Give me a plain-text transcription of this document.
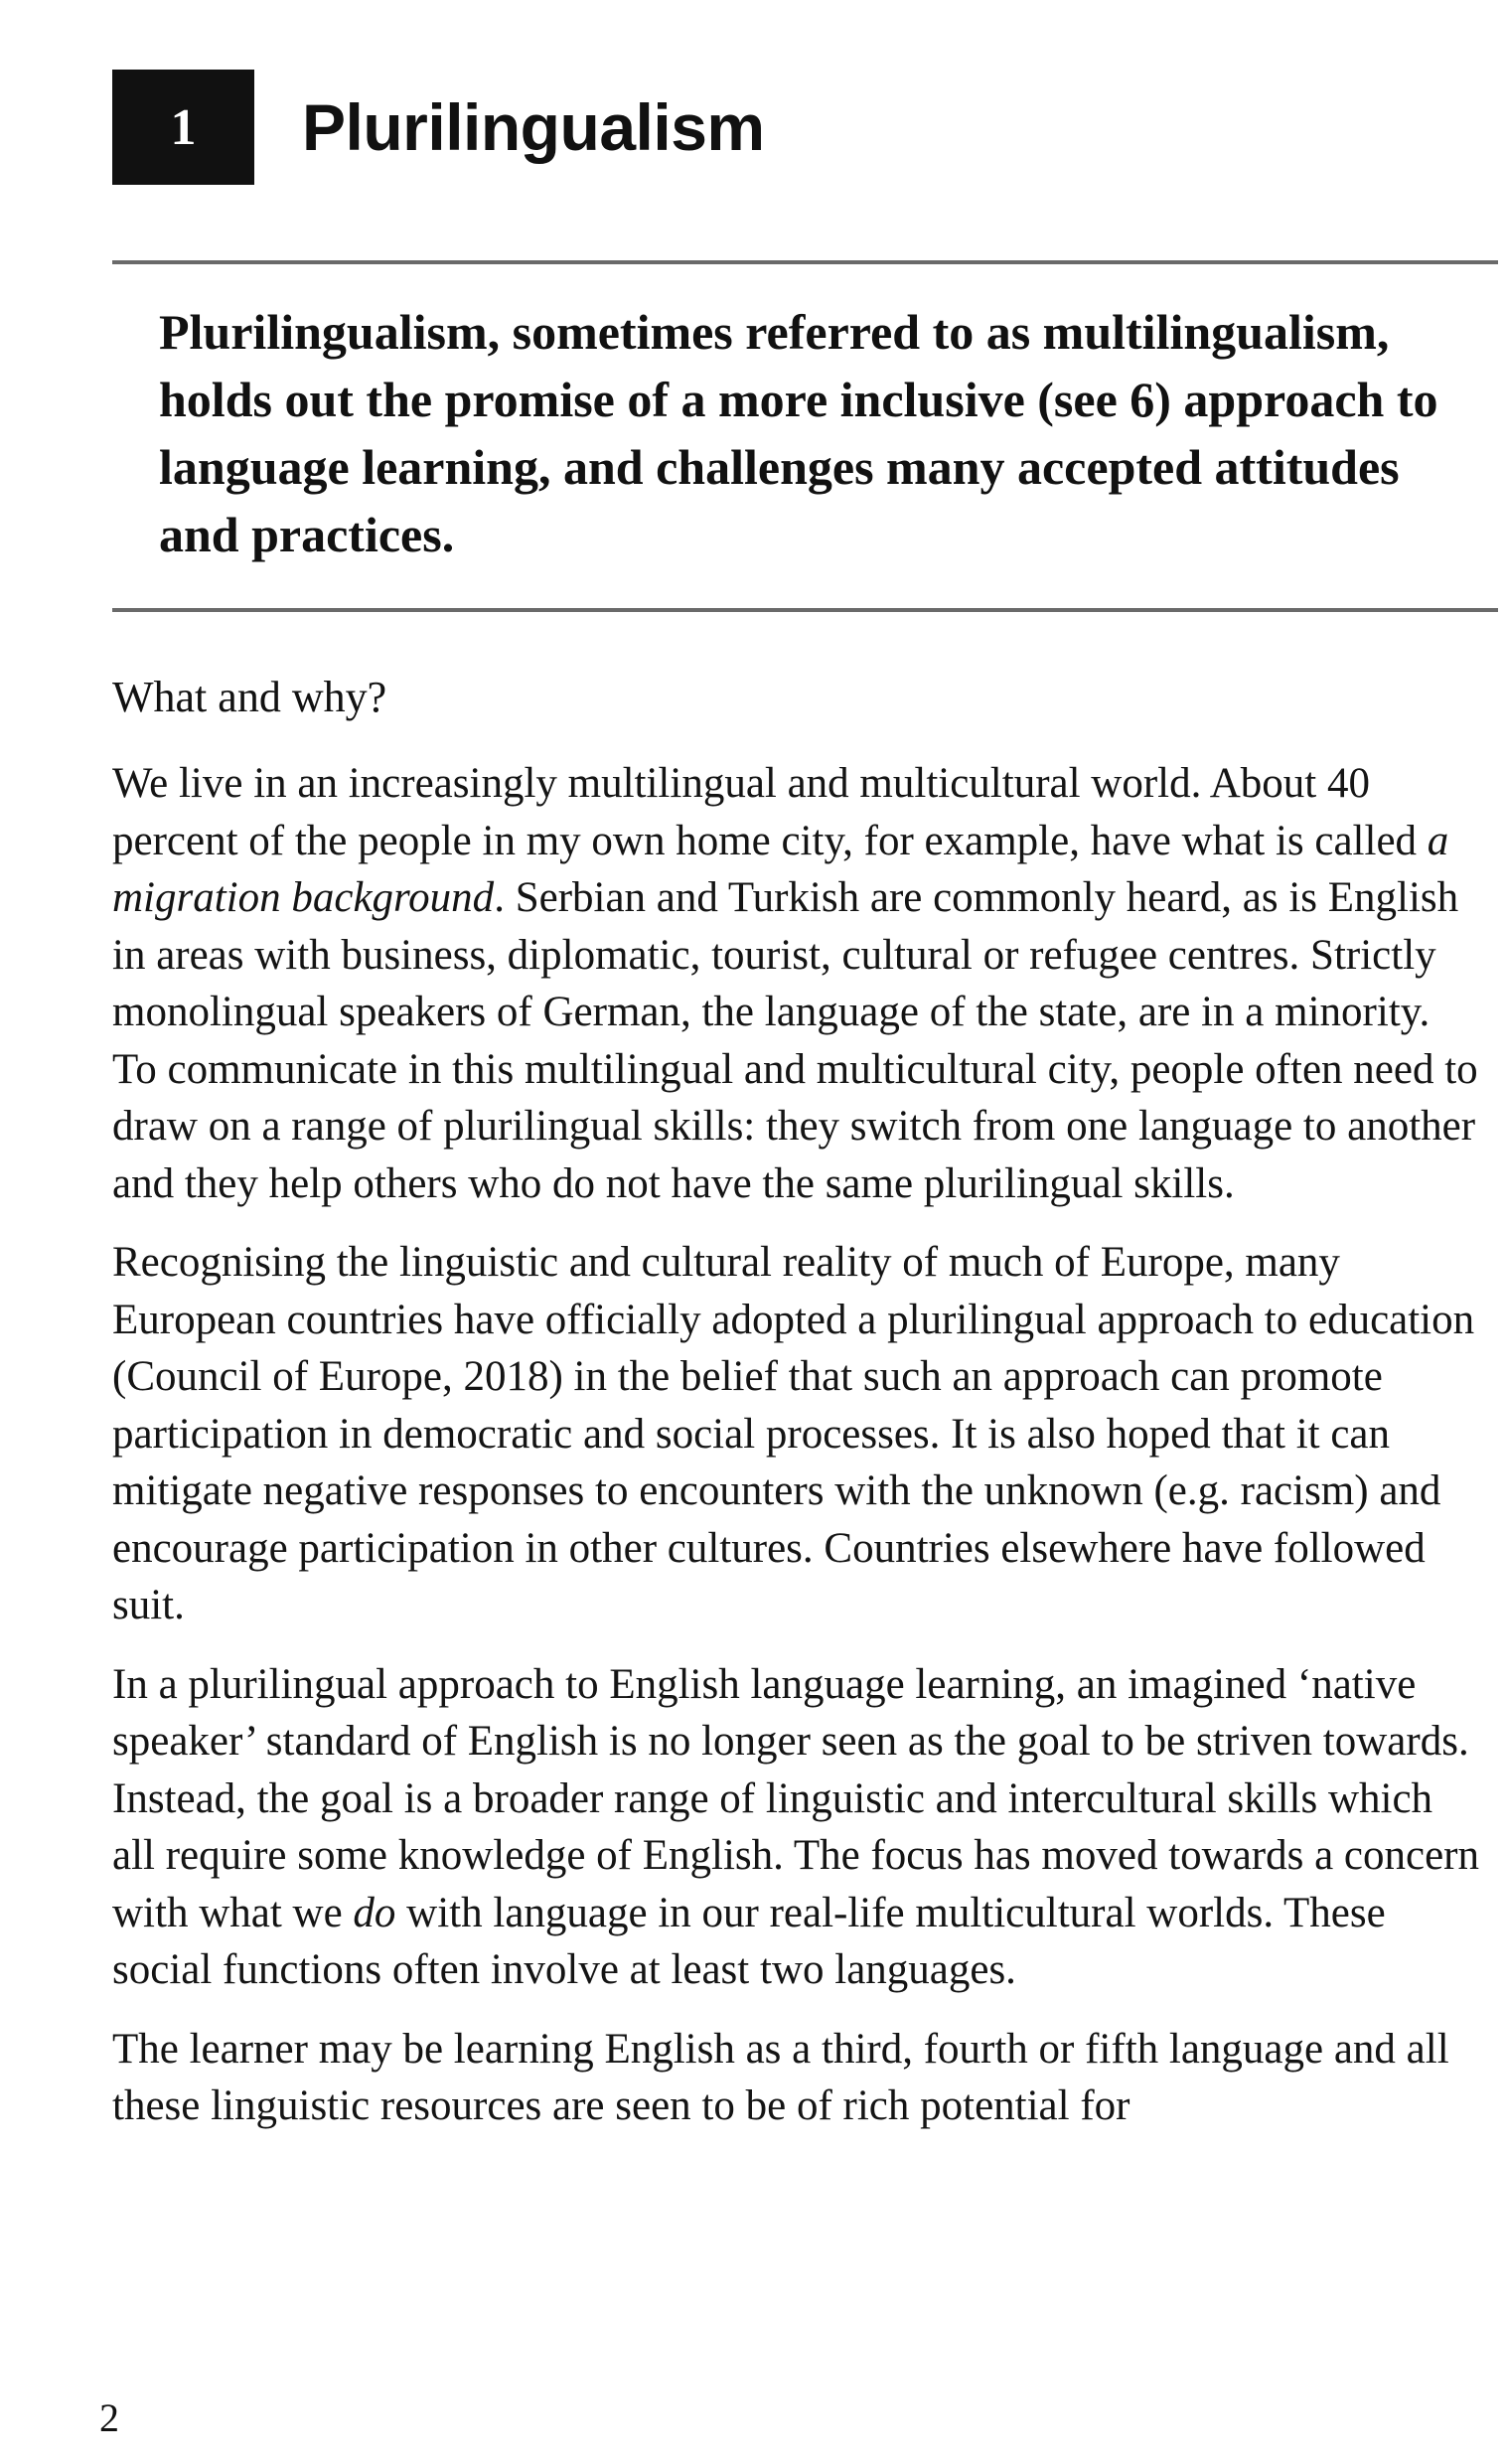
1	Plurilingualism

Plurilingualism, sometimes referred to as multilingualism, holds out the promise of a more inclusive (see 6) approach to language learning, and challenges many accepted attitudes and practices.

What and why?

We live in an increasingly multilingual and multicultural world. About 40 percent of the people in my own home city, for example, have what is called a migration background. Serbian and Turkish are commonly heard, as is English in areas with business, diplomatic, tourist, cultural or refugee centres. Strictly monolingual speakers of German, the language of the state, are in a minority. To communicate in this multilingual and multicultural city, people often need to draw on a range of plurilingual skills: they switch from one language to another and they help others who do not have the same plurilingual skills.

Recognising the linguistic and cultural reality of much of Europe, many European countries have officially adopted a plurilingual approach to education (Council of Europe, 2018) in the belief that such an approach can promote participation in democratic and social processes. It is also hoped that it can mitigate negative responses to encounters with the unknown (e.g. racism) and encourage participation in other cultures. Countries elsewhere have followed suit.

In a plurilingual approach to English language learning, an imagined ‘native speaker’ standard of English is no longer seen as the goal to be striven towards. Instead, the goal is a broader range of linguistic and intercultural skills which all require some knowledge of English. The focus has moved towards a concern with what we do with language in our real-life multicultural worlds. These social functions often involve at least two languages.

The learner may be learning English as a third, fourth or fifth language and all these linguistic resources are seen to be of rich potential for

2
